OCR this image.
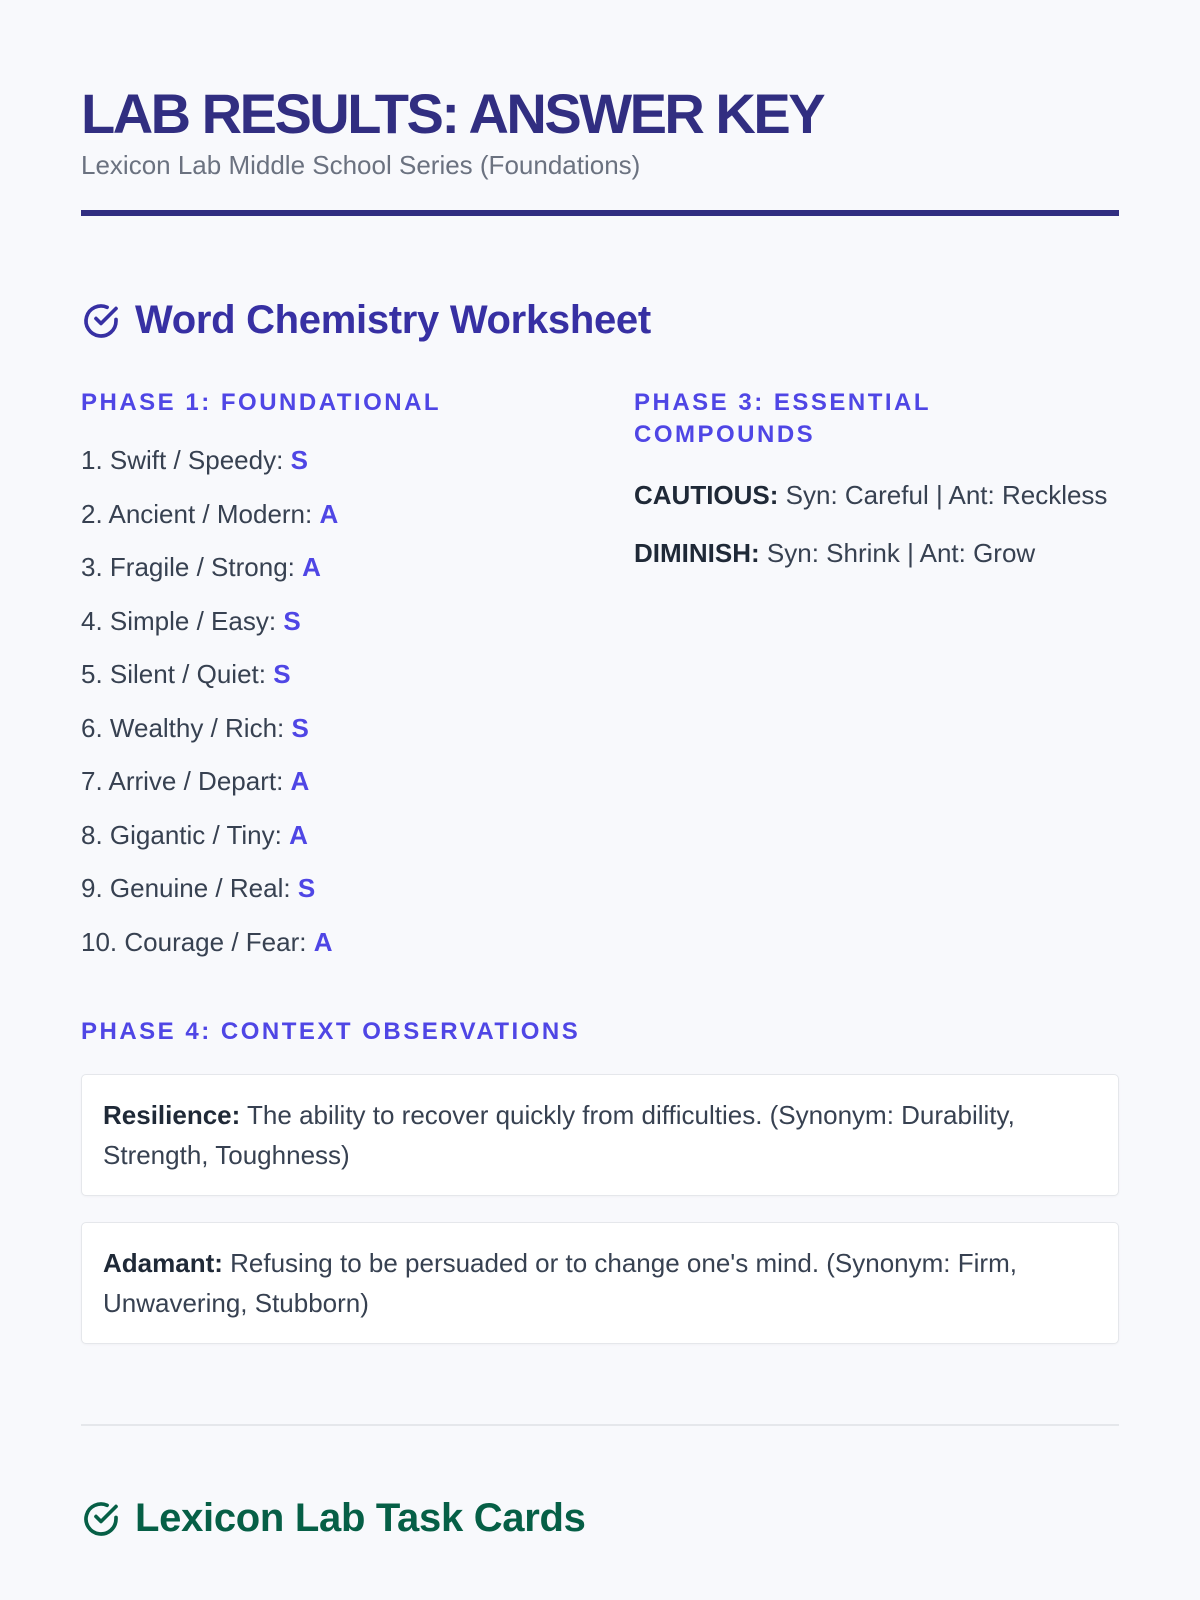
LAB RESULTS: ANSWER KEY

Lexicon Lab Middle School Series (Foundations)

Word Chemistry Worksheet
PHASE 1: FOUNDATIONAL
1. Swift / Speedy: S
2. Ancient / Modern: A
3. Fragile / Strong: A
4. Simple / Easy: S
5. Silent / Quiet: S
6. Wealthy / Rich: S
7. Arrive / Depart: A
8. Gigantic / Tiny: A
9. Genuine / Real: S
10. Courage / Fear: A
PHASE 3: ESSENTIAL COMPOUNDS

CAUTIOUS: Syn: Careful | Ant: Reckless

DIMINISH: Syn: Shrink | Ant: Grow

PHASE 4: CONTEXT OBSERVATIONS
Resilience: The ability to recover quickly from difficulties. (Synonym: Durability, Strength, Toughness)
Adamant: Refusing to be persuaded or to change one's mind. (Synonym: Firm, Unwavering, Stubborn)
Lexicon Lab Task Cards
